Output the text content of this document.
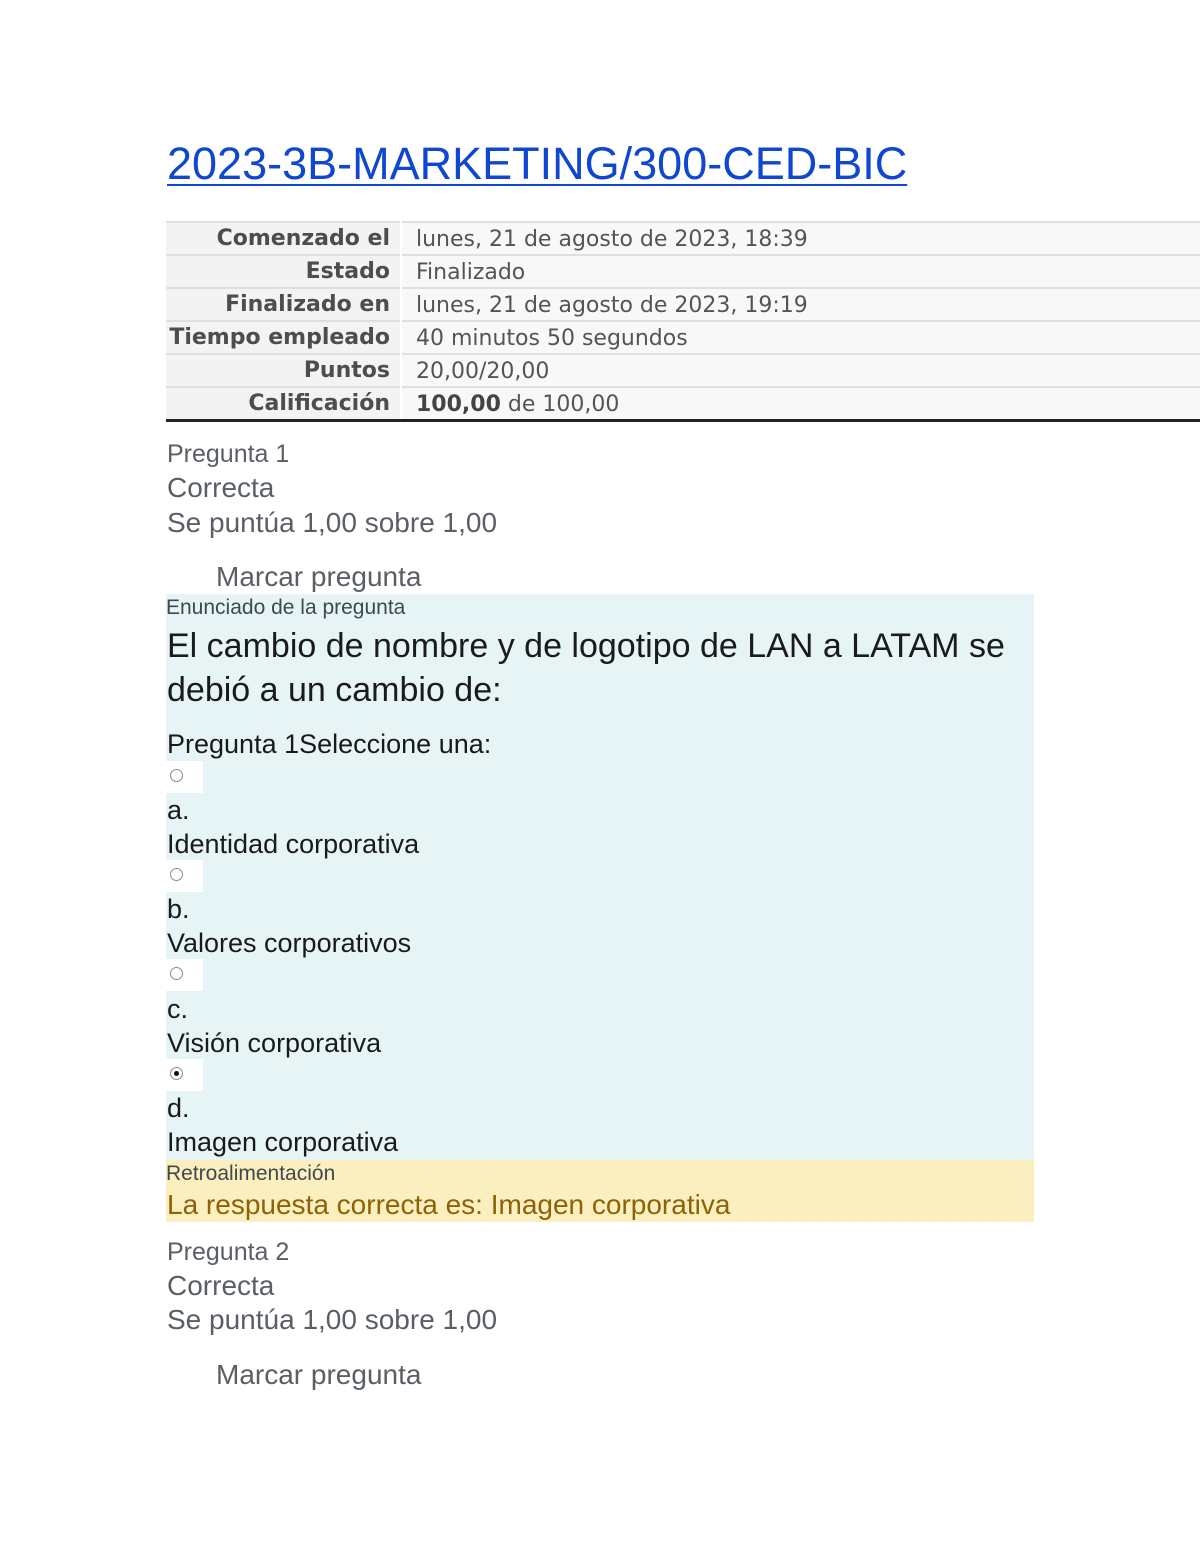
2023-3B-MARKETING/300-CED-BIC
Comenzado el	lunes, 21 de agosto de 2023, 18:39
Estado	Finalizado
Finalizado en	lunes, 21 de agosto de 2023, 19:19
Tiempo empleado	40 minutos 50 segundos
Puntos	20,00/20,00
Calificación	100,00 de 100,00
Pregunta 1
Correcta
Se puntúa 1,00 sobre 1,00
Marcar pregunta
Enunciado de la pregunta
El cambio de nombre y de logotipo de LAN a LATAM se debió a un cambio de:
Pregunta 1Seleccione una:
a.
Identidad corporativa
b.
Valores corporativos
c.
Visión corporativa
d.
Imagen corporativa
Retroalimentación
La respuesta correcta es: Imagen corporativa
Pregunta 2
Correcta
Se puntúa 1,00 sobre 1,00
Marcar pregunta
